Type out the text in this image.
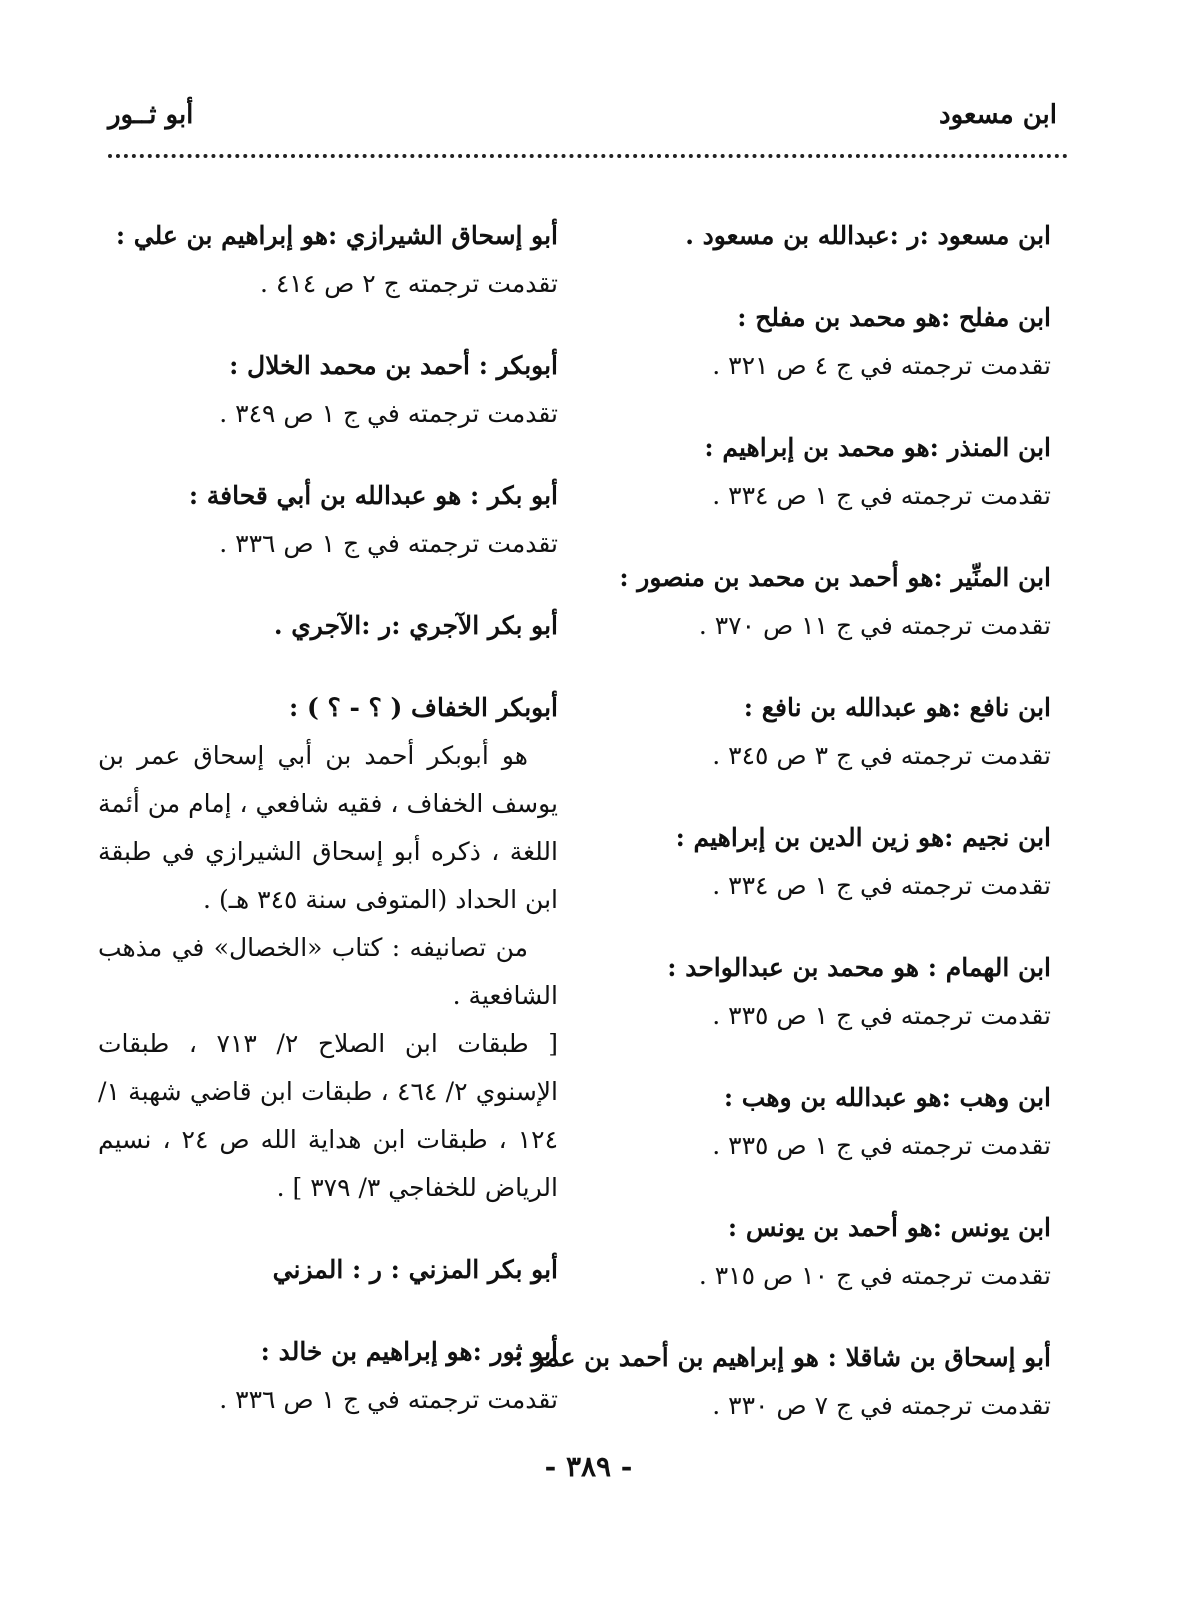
ابن مسعود
أبو ثــور
ابن مسعود :ر :عبدالله بن مسعود .
ابن مفلح :هو محمد بن مفلح :
تقدمت ترجمته في ج ٤ ص ٣٢١ .
ابن المنذر :هو محمد بن إبراهيم :
تقدمت ترجمته في ج ١ ص ٣٣٤ .
ابن المنِّير :هو أحمد بن محمد بن منصور :
تقدمت ترجمته في ج ١١ ص ٣٧٠ .
ابن نافع :هو عبدالله بن نافع :
تقدمت ترجمته في ج ٣ ص ٣٤٥ .
ابن نجيم :هو زين الدين بن إبراهيم :
تقدمت ترجمته في ج ١ ص ٣٣٤ .
ابن الهمام : هو محمد بن عبدالواحد :
تقدمت ترجمته في ج ١ ص ٣٣٥ .
ابن وهب :هو عبدالله بن وهب :
تقدمت ترجمته في ج ١ ص ٣٣٥ .
ابن يونس :هو أحمد بن يونس :
تقدمت ترجمته في ج ١٠ ص ٣١٥ .
أبو إسحاق بن شاقلا : هو إبراهيم بن أحمد بن عمر :
تقدمت ترجمته في ج ٧ ص ٣٣٠ .
أبو إسحاق الشيرازي :هو إبراهيم بن علي :
تقدمت ترجمته ج ٢ ص ٤١٤ .
أبوبكر : أحمد بن محمد الخلال :
تقدمت ترجمته في ج ١ ص ٣٤٩ .
أبو بكر : هو عبدالله بن أبي قحافة :
تقدمت ترجمته في ج ١ ص ٣٣٦ .
أبو بكر الآجري :ر :الآجري .
أبوبكر الخفاف ( ؟ - ؟ ) :
هو أبوبكر أحمد بن أبي إسحاق عمر بن يوسف الخفاف ، فقيه شافعي ، إمام من أئمة اللغة ، ذكره أبو إسحاق الشيرازي في طبقة ابن الحداد (المتوفى سنة ٣٤٥ هـ) .
من تصانيفه : كتاب «الخصال» في مذهب الشافعية .
[ طبقات ابن الصلاح ٢/ ٧١٣ ، طبقات الإسنوي ٢/ ٤٦٤ ، طبقات ابن قاضي شهبة ١/ ١٢٤ ، طبقات ابن هداية الله ص ٢٤ ، نسيم الرياض للخفاجي ٣/ ٣٧٩ ] .
أبو بكر المزني : ر : المزني
أبو ثور :هو إبراهيم بن خالد :
تقدمت ترجمته في ج ١ ص ٣٣٦ .
- ٣٨٩ -
